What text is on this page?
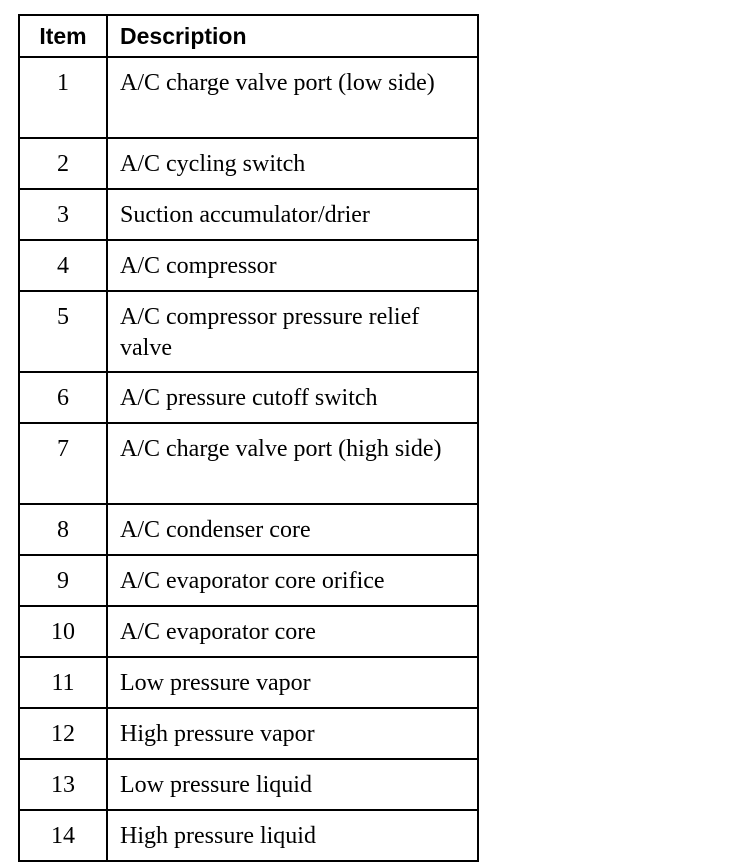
Item	Description
1	A/C charge valve port (low side)
2	A/C cycling switch
3	Suction accumulator/drier
4	A/C compressor
5	A/C compressor pressure relief valve
6	A/C pressure cutoff switch
7	A/C charge valve port (high side)
8	A/C condenser core
9	A/C evaporator core orifice
10	A/C evaporator core
11	Low pressure vapor
12	High pressure vapor
13	Low pressure liquid
14	High pressure liquid
